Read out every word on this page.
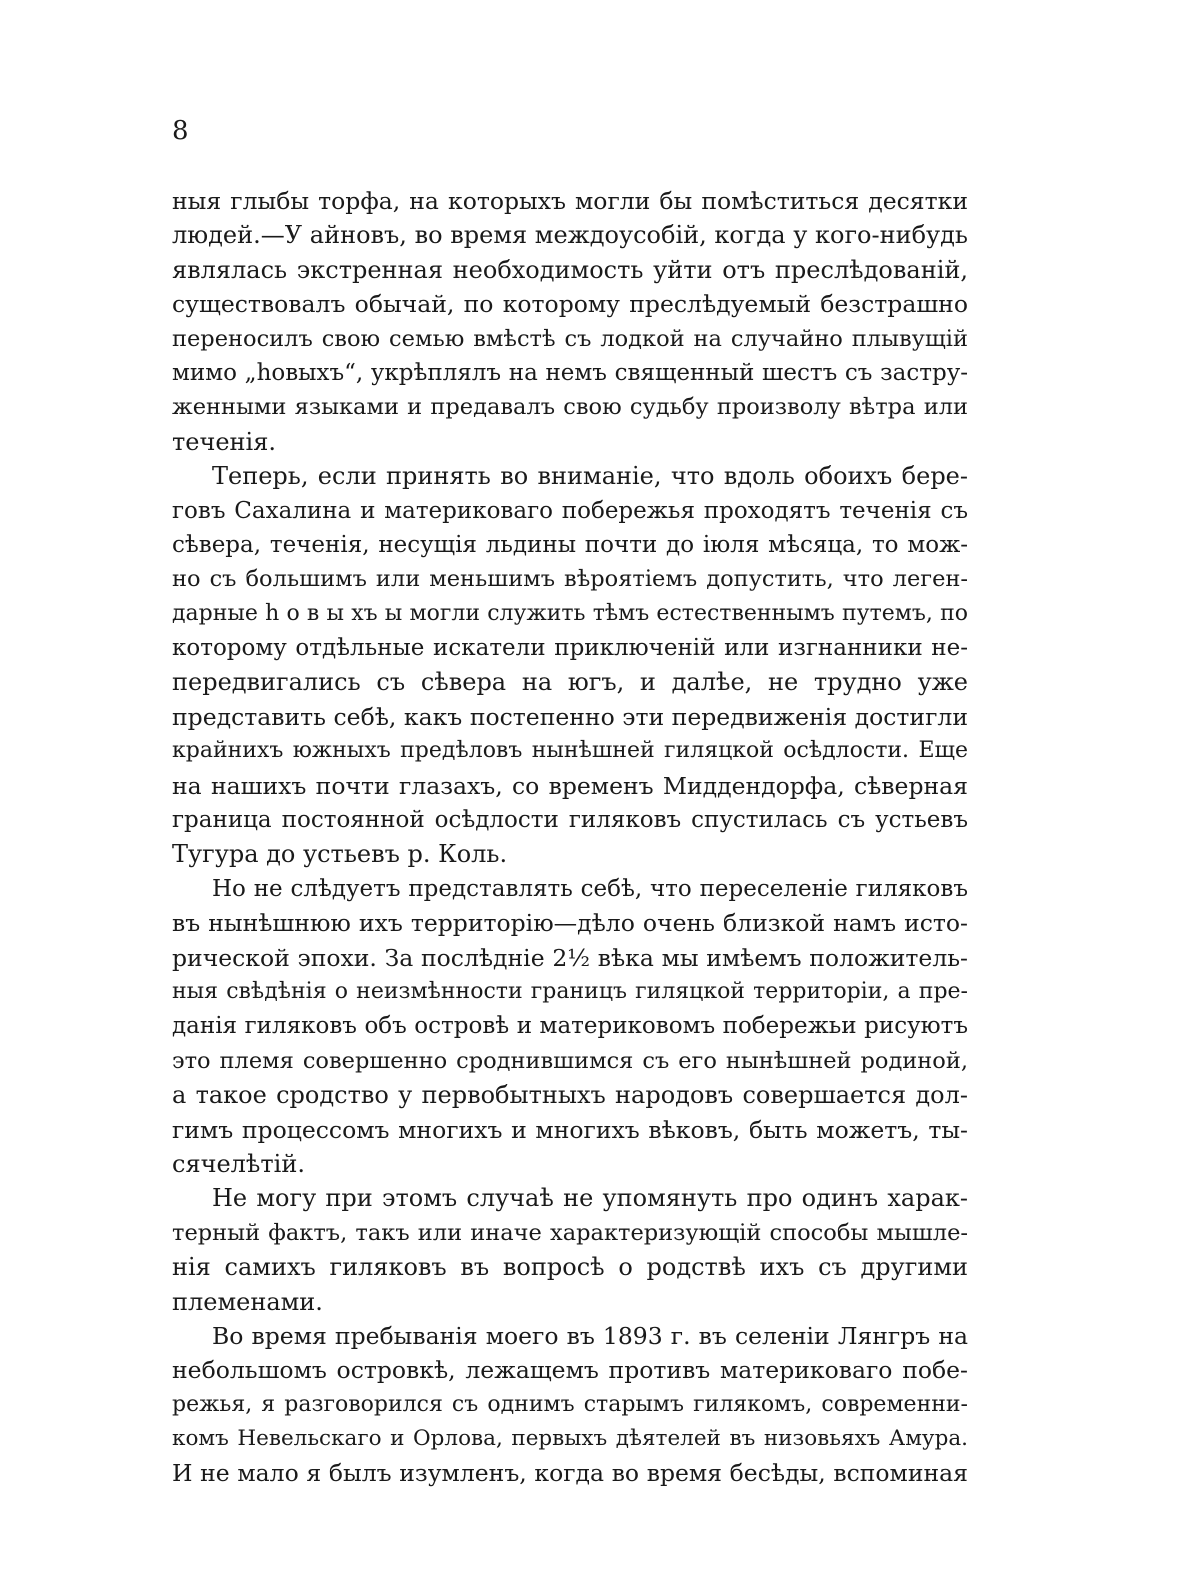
8
ныя глыбы торфа, на которыхъ могли бы помѣститься десятки
людей.—У айновъ, во время междоусобій, когда у кого-нибудь
являлась экстренная необходимость уйти отъ преслѣдованій,
существовалъ обычай, по которому преслѣдуемый безстрашно
переносилъ свою семью вмѣстѣ съ лодкой на случайно плывущій
мимо „hовыхъ“, укрѣплялъ на немъ священный шестъ съ застру-
женными языками и предавалъ свою судьбу произволу вѣтра или
теченія.
Теперь, если принять во вниманіе, что вдоль обоихъ бере-
говъ Сахалина и материковаго побережья проходятъ теченія съ
сѣвера, теченія, несущія льдины почти до іюля мѣсяца, то мож-
но съ большимъ или меньшимъ вѣроятіемъ допустить, что леген-
дарные h о в ы хъ ы могли служить тѣмъ естественнымъ путемъ, по
которому отдѣльные искатели приключеній или изгнанники не-
передвигались съ сѣвера на югъ, и далѣе, не трудно уже
представить себѣ, какъ постепенно эти передвиженія достигли
крайнихъ южныхъ предѣловъ нынѣшней гиляцкой осѣдлости. Еще
на нашихъ почти глазахъ, со временъ Миддендорфа, сѣверная
граница постоянной осѣдлости гиляковъ спустилась съ устьевъ
Тугура до устьевъ р. Коль.
Но не слѣдуетъ представлять себѣ, что переселеніе гиляковъ
въ нынѣшнюю ихъ территорію—дѣло очень близкой намъ исто-
рической эпохи. За послѣдніе 2½ вѣка мы имѣемъ положитель-
ныя свѣдѣнія о неизмѣнности границъ гиляцкой территоріи, а пре-
данія гиляковъ объ островѣ и материковомъ побережьи рисуютъ
это племя совершенно сроднившимся съ его нынѣшней родиной,
а такое сродство у первобытныхъ народовъ совершается дол-
гимъ процессомъ многихъ и многихъ вѣковъ, быть можетъ, ты-
сячелѣтій.
Не могу при этомъ случаѣ не упомянуть про одинъ харак-
терный фактъ, такъ или иначе характеризующій способы мышле-
нія самихъ гиляковъ въ вопросѣ о родствѣ ихъ съ другими
племенами.
Во время пребыванія моего въ 1893 г. въ селеніи Лянгръ на
небольшомъ островкѣ, лежащемъ противъ материковаго побе-
режья, я разговорился съ однимъ старымъ гилякомъ, современни-
комъ Невельскаго и Орлова, первыхъ дѣятелей въ низовьяхъ Амура.
И не мало я былъ изумленъ, когда во время бесѣды, вспоминая
